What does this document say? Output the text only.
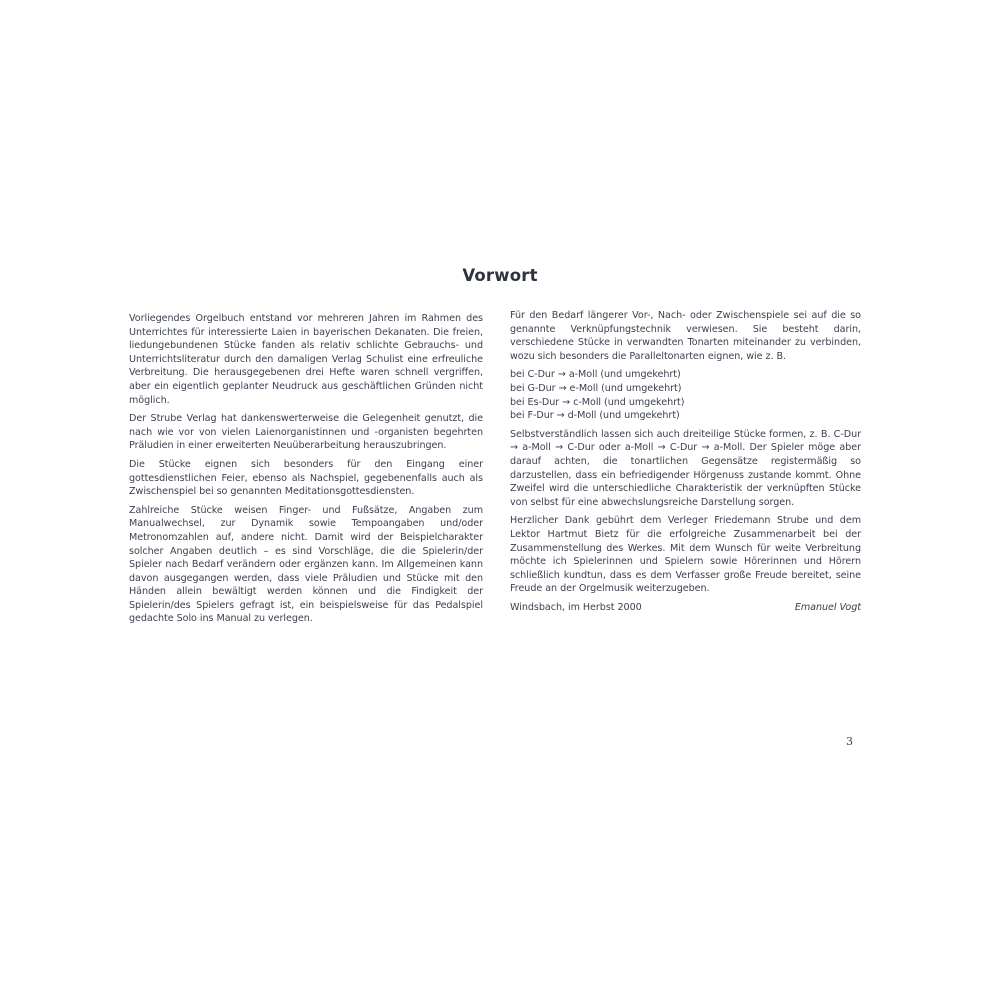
Vorwort

Vorliegendes Orgelbuch entstand vor mehreren Jahren im Rahmen des Unterrichtes für interessierte Laien in bayerischen Dekanaten. Die freien, liedungebundenen Stücke fanden als relativ schlichte Gebrauchs- und Unterrichtsliteratur durch den damaligen Verlag Schulist eine erfreuliche Verbreitung. Die herausgegebenen drei Hefte waren schnell vergriffen, aber ein eigentlich geplanter Neudruck aus geschäftlichen Gründen nicht möglich.

Der Strube Verlag hat dankenswerterweise die Gelegenheit genutzt, die nach wie vor von vielen Laienorganistinnen und -organisten begehrten Präludien in einer erweiterten Neuüberarbeitung herauszubringen.

Die Stücke eignen sich besonders für den Eingang einer gottesdienstlichen Feier, ebenso als Nachspiel, gegebenenfalls auch als Zwischenspiel bei so genannten Meditationsgottesdiensten.

Zahlreiche Stücke weisen Finger- und Fußsätze, Angaben zum Manualwechsel, zur Dynamik sowie Tempoangaben und/oder Metronomzahlen auf, andere nicht. Damit wird der Beispielcharakter solcher Angaben deutlich – es sind Vorschläge, die die Spielerin/der Spieler nach Bedarf verändern oder ergänzen kann. Im Allgemeinen kann davon ausgegangen werden, dass viele Präludien und Stücke mit den Händen allein bewältigt werden können und die Findigkeit der Spielerin/des Spielers gefragt ist, ein beispielsweise für das Pedalspiel gedachte Solo ins Manual zu verlegen.

Für den Bedarf längerer Vor-, Nach- oder Zwischenspiele sei auf die so genannte Verknüpfungstechnik verwiesen. Sie besteht darin, verschiedene Stücke in verwandten Tonarten miteinander zu verbinden, wozu sich besonders die Paralleltonarten eignen, wie z. B.

bei C-Dur → a-Moll (und umgekehrt)
bei G-Dur → e-Moll (und umgekehrt)
bei Es-Dur → c-Moll (und umgekehrt)
bei F-Dur → d-Moll (und umgekehrt)

Selbstverständlich lassen sich auch dreiteilige Stücke formen, z. B. C-Dur → a-Moll → C-Dur oder a-Moll → C-Dur → a-Moll. Der Spieler möge aber darauf achten, die tonartlichen Gegensätze registermäßig so darzustellen, dass ein befriedigender Hörgenuss zustande kommt. Ohne Zweifel wird die unterschiedliche Charakteristik der verknüpften Stücke von selbst für eine abwechslungsreiche Darstellung sorgen.

Herzlicher Dank gebührt dem Verleger Friedemann Strube und dem Lektor Hartmut Bietz für die erfolgreiche Zusammenarbeit bei der Zusammenstellung des Werkes. Mit dem Wunsch für weite Verbreitung möchte ich Spielerinnen und Spielern sowie Hörerinnen und Hörern schließlich kundtun, dass es dem Verfasser große Freude bereitet, seine Freude an der Orgelmusik weiterzugeben.

Windsbach, im Herbst 2000	Emanuel Vogt
3
